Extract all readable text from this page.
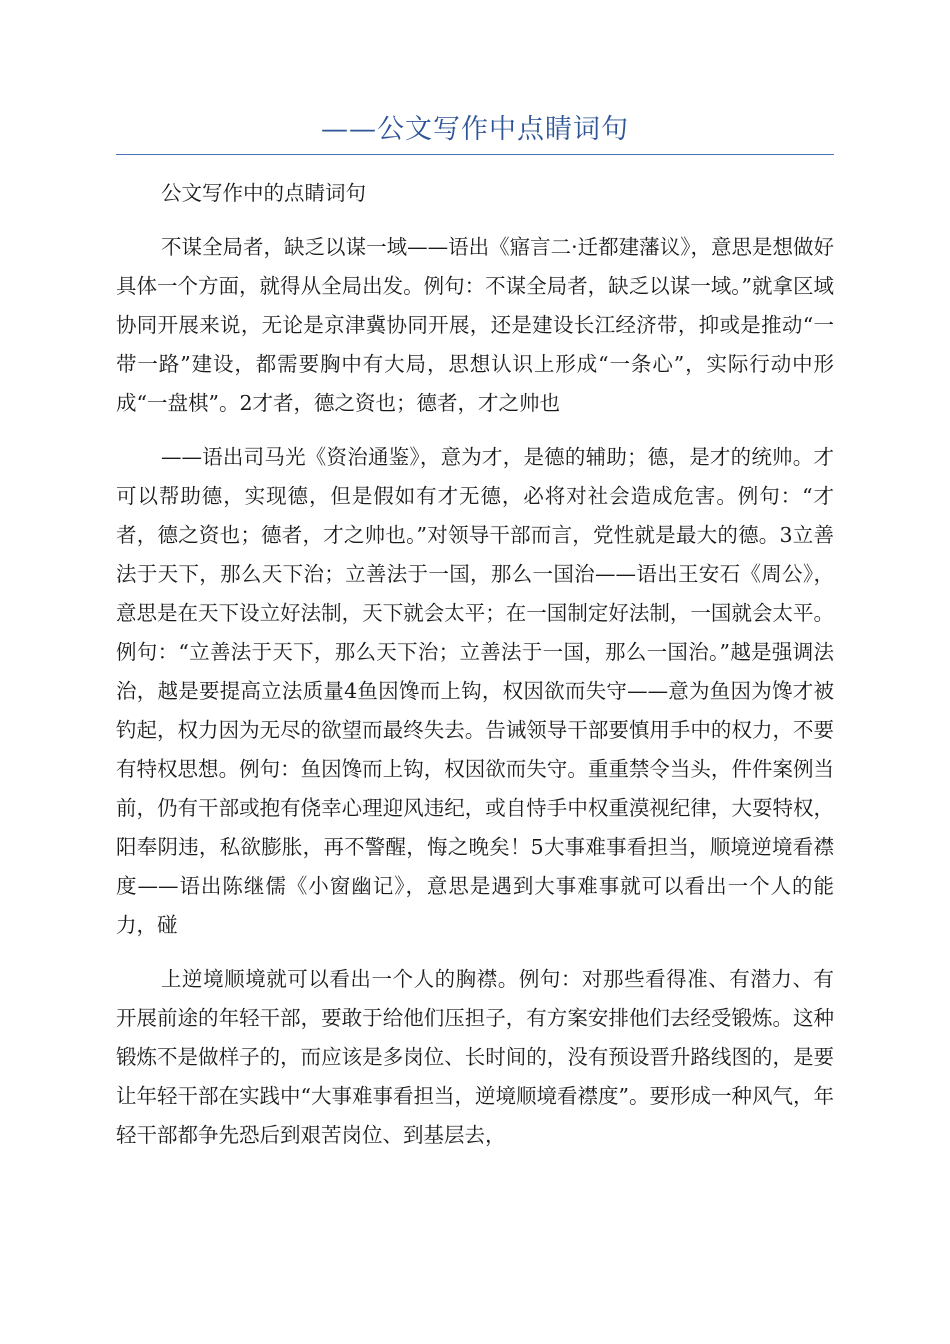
——公文写作中点睛词句

公文写作中的点睛词句

不谋全局者，缺乏以谋一域——语出《寤言二·迁都建藩议》，意思是想做好具体一个方面，就得从全局出发。例句：不谋全局者，缺乏以谋一域。”就拿区域协同开展来说，无论是京津冀协同开展，还是建设长江经济带，抑或是推动“一带一路”建设，都需要胸中有大局，思想认识上形成“一条心”，实际行动中形成“一盘棋”。2才者，德之资也；德者，才之帅也

——语出司马光《资治通鉴》，意为才，是德的辅助；德，是才的统帅。才可以帮助德，实现德，但是假如有才无德，必将对社会造成危害。例句：“才者，德之资也；德者，才之帅也。”对领导干部而言，党性就是最大的德。3立善法于天下，那么天下治；立善法于一国，那么一国治——语出王安石《周公》，意思是在天下设立好法制，天下就会太平；在一国制定好法制，一国就会太平。例句：“立善法于天下，那么天下治；立善法于一国，那么一国治。”越是强调法治，越是要提高立法质量4鱼因馋而上钩，权因欲而失守——意为鱼因为馋才被钓起，权力因为无尽的欲望而最终失去。告诫领导干部要慎用手中的权力，不要有特权思想。例句：鱼因馋而上钩，权因欲而失守。重重禁令当头，件件案例当前，仍有干部或抱有侥幸心理迎风违纪，或自恃手中权重漠视纪律，大耍特权，阳奉阴违，私欲膨胀，再不警醒，悔之晚矣！5大事难事看担当，顺境逆境看襟度——语出陈继儒《小窗幽记》，意思是遇到大事难事就可以看出一个人的能力，碰

上逆境顺境就可以看出一个人的胸襟。例句：对那些看得准、有潜力、有开展前途的年轻干部，要敢于给他们压担子，有方案安排他们去经受锻炼。这种锻炼不是做样子的，而应该是多岗位、长时间的，没有预设晋升路线图的，是要让年轻干部在实践中“大事难事看担当，逆境顺境看襟度”。要形成一种风气，年轻干部都争先恐后到艰苦岗位、到基层去，
